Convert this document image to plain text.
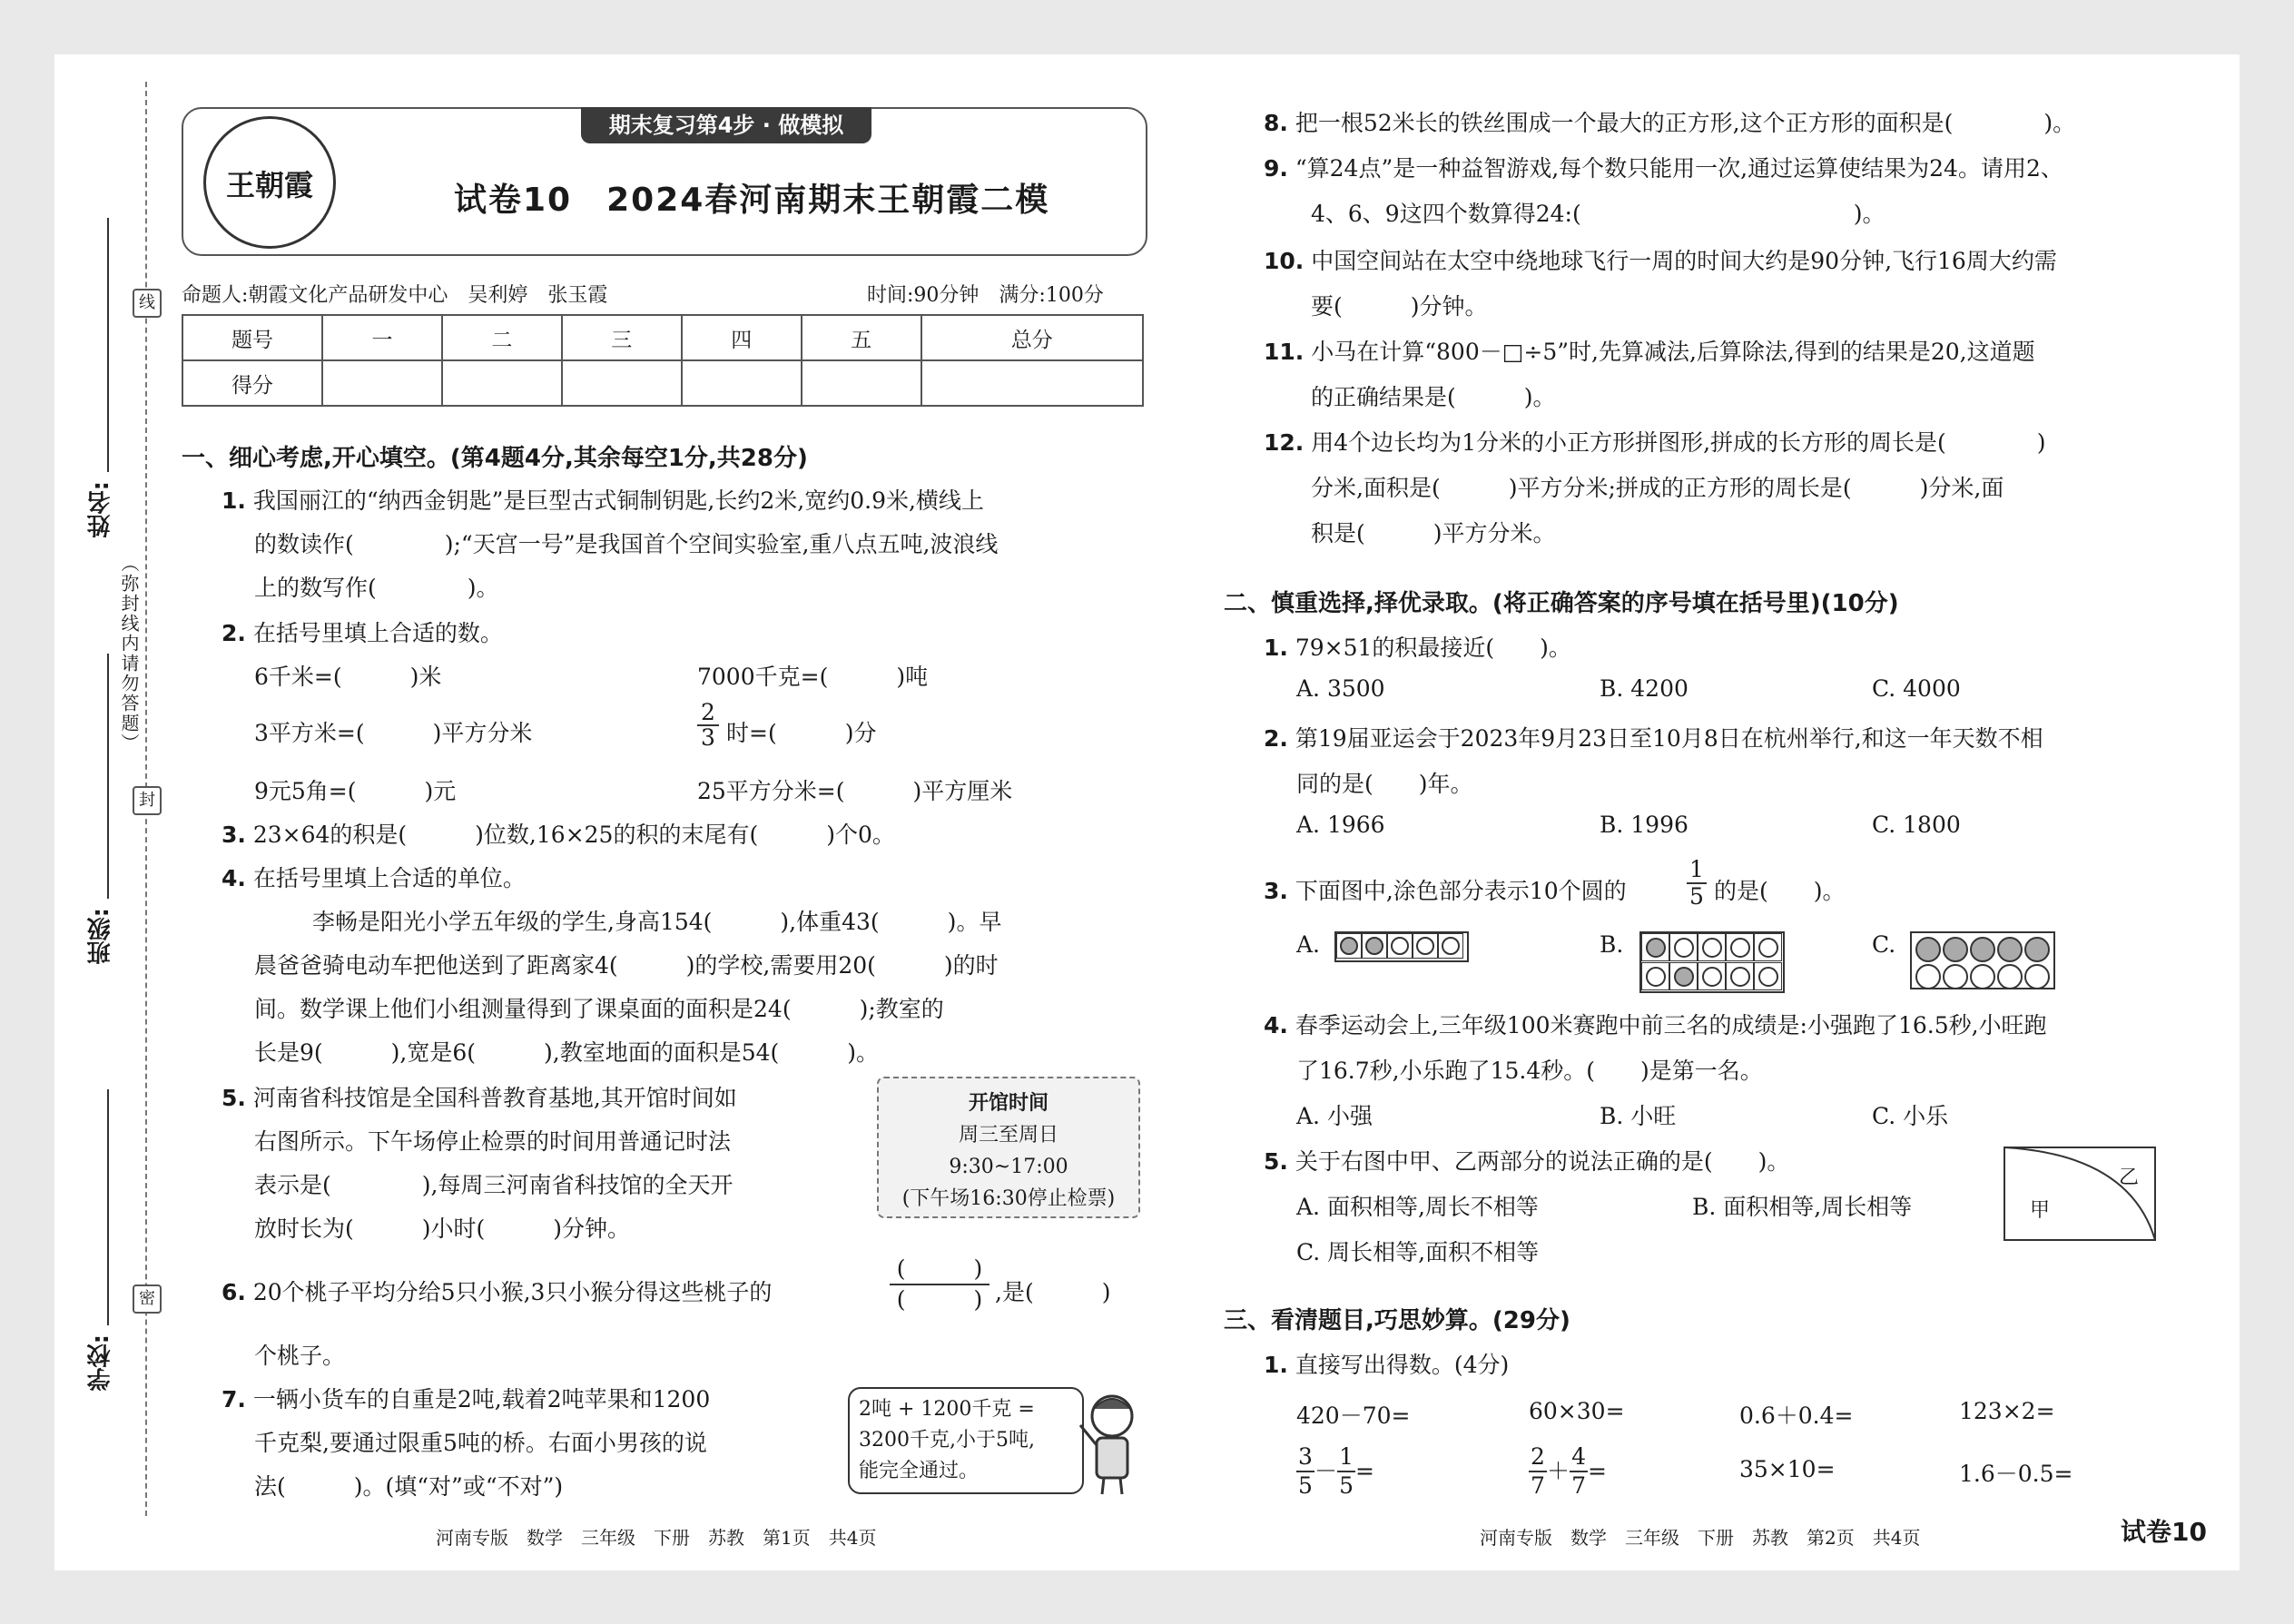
线
封
密
姓名:
班级:
学校:
（弥封线内请勿答题）
期末复习第4步 · 做模拟
王朝霞	试卷10　2024春河南期末王朝霞二模
命题人:朝霞文化产品研发中心　吴利婷　张玉霞	时间:90分钟　满分:100分
题号	一	二	三	四	五	总分
得分						
一、细心考虑,开心填空。(第4题4分,其余每空1分,共28分)
1. 我国丽江的“纳西金钥匙”是巨型古式铜制钥匙,长约2米,宽约0.9米,横线上
的数读作(　　　　);“天宫一号”是我国首个空间实验室,重八点五吨,波浪线
上的数写作(　　　　)。
2. 在括号里填上合适的数。
6千米=(　　　)米	7000千克=(　　　)吨
3平方米=(　　　)平方分米	$\frac{2}{3}$ 时=(　　　)分
9元5角=(　　　)元	25平方分米=(　　　)平方厘米
3. 23×64的积是(　　　)位数,16×25的积的末尾有(　　　)个0。
4. 在括号里填上合适的单位。
李畅是阳光小学五年级的学生,身高154(　　　),体重43(　　　)。早
晨爸爸骑电动车把他送到了距离家4(　　　)的学校,需要用20(　　　)的时
间。数学课上他们小组测量得到了课桌面的面积是24(　　　);教室的
长是9(　　　),宽是6(　　　),教室地面的面积是54(　　　)。
5. 河南省科技馆是全国科普教育基地,其开馆时间如
右图所示。下午场停止检票的时间用普通记时法
表示是(　　　　),每周三河南省科技馆的全天开
放时长为(　　　)小时(　　　)分钟。
开馆时间
周三至周日
9:30~17:00
(下午场16:30停止检票)
6. 20个桃子平均分给5只小猴,3只小猴分得这些桃子的
(　　　)
(　　　) ,是(　　　)
个桃子。
7. 一辆小货车的自重是2吨,载着2吨苹果和1200
千克梨,要通过限重5吨的桥。右面小男孩的说
法(　　　)。(填“对”或“不对”)
2吨 + 1200千克 =
3200千克,小于5吨,
能完全通过。
8. 把一根52米长的铁丝围成一个最大的正方形,这个正方形的面积是(　　　　)。
9. “算24点”是一种益智游戏,每个数只能用一次,通过运算使结果为24。请用2、
4、6、9这四个数算得24:(　　　　　　　　　　　　)。
10. 中国空间站在太空中绕地球飞行一周的时间大约是90分钟,飞行16周大约需
要(　　　)分钟。
11. 小马在计算“800－□÷5”时,先算减法,后算除法,得到的结果是20,这道题
的正确结果是(　　　)。
12. 用4个边长均为1分米的小正方形拼图形,拼成的长方形的周长是(　　　　)
分米,面积是(　　　)平方分米;拼成的正方形的周长是(　　　)分米,面
积是(　　　)平方分米。
二、慎重选择,择优录取。(将正确答案的序号填在括号里)(10分)
1. 79×51的积最接近(　　)。
A. 3500	B. 4200	C. 4000
2. 第19届亚运会于2023年9月23日至10月8日在杭州举行,和这一年天数不相
同的是(　　)年。
A. 1966	B. 1996	C. 1800
3. 下面图中,涂色部分表示10个圆的	$\frac{1}{5}$ 的是(　　)。
A.	B.	C.
4. 春季运动会上,三年级100米赛跑中前三名的成绩是:小强跑了16.5秒,小旺跑
了16.7秒,小乐跑了15.4秒。(　　)是第一名。
A. 小强	B. 小旺	C. 小乐
5. 关于右图中甲、乙两部分的说法正确的是(　　)。
A. 面积相等,周长不相等	B. 面积相等,周长相等
C. 周长相等,面积不相等
甲
乙
三、看清题目,巧思妙算。(29分)
1. 直接写出得数。(4分)
420－70=	60×30=	0.6＋0.4=	123×2=
$\frac{3}{5} - \frac{1}{5}$ =	$\frac{2}{7} + \frac{4}{7}$ =	35×10=	1.6－0.5=
河南专版　数学　三年级　下册　苏教　第1页　共4页	河南专版　数学　三年级　下册　苏教　第2页　共4页	试卷10
